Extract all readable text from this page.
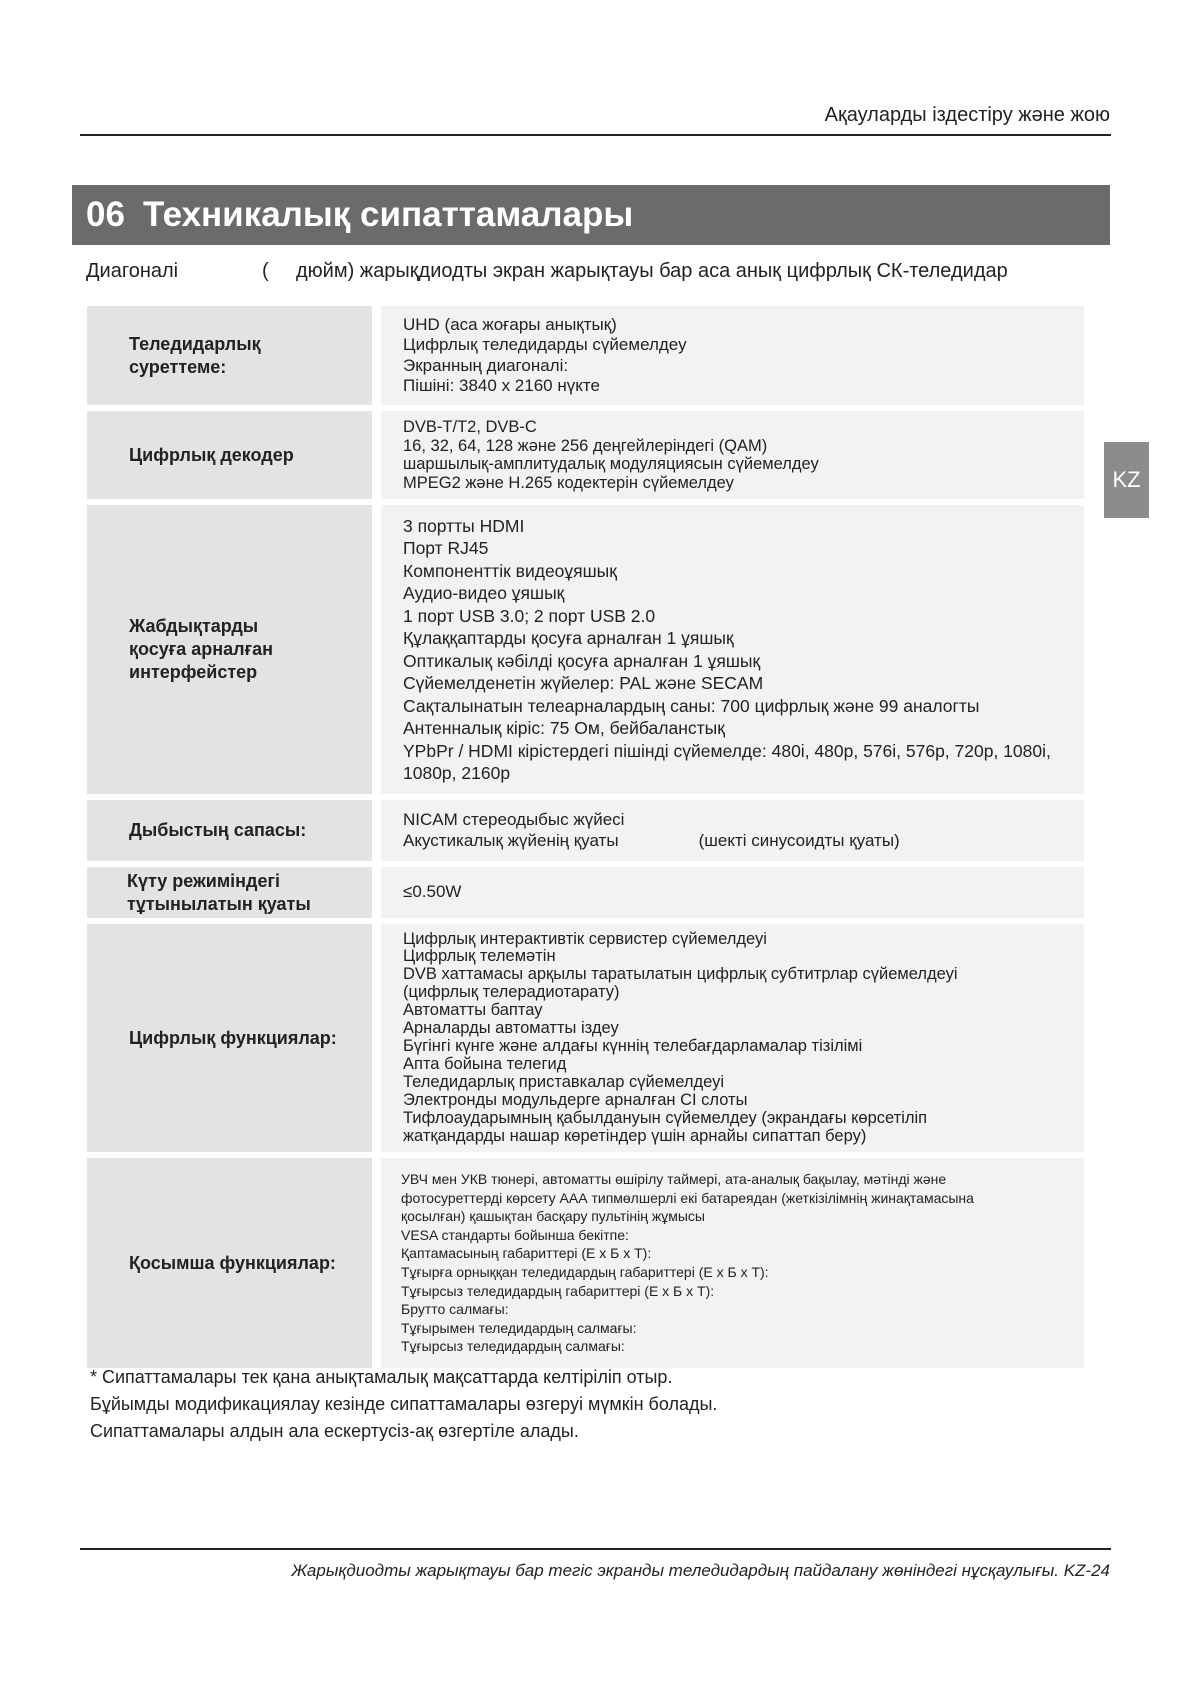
Ақауларды іздестіру және жою
06 Техникалық сипаттамалары
Диагоналі	( дюйм) жарықдиодты экран жарықтауы бар аса анық цифрлық СК-теледидар
KZ
Теледидарлық
суреттеме:
UHD (аса жоғары анықтық)
Цифрлық теледидарды сүйемелдеу
Экранның диагоналі:
Пішіні: 3840 x 2160 нүкте
Цифрлық декодер
DVB-T/T2, DVB-C
16, 32, 64, 128 және 256 деңгейлеріндегі (QAM)
шаршылық-амплитудалық модуляциясын сүйемелдеу
MPEG2 және H.265 кодектерін сүйемелдеу
Жабдықтарды
қосуға арналған
интерфейстер
3 портты HDMI
Порт RJ45
Компоненттік видеоұяшық
Аудио-видео ұяшық
1 порт USB 3.0; 2 порт USB 2.0
Құлаққаптарды қосуға арналған 1 ұяшық
Оптикалық кәбілді қосуға арналған 1 ұяшық
Сүйемелденетін жүйелер: PAL және SECAM
Сақталынатын телеарналардың саны: 700 цифрлық және 99 аналогты
Антенналық кіріс: 75 Ом, бейбаланстық
YPbPr / HDMI кірістердегі пішінді сүйемелде: 480i, 480p, 576i, 576p, 720p, 1080i, 1080p, 2160p
Дыбыстың сапасы:
NICAM стереодыбыс жүйесі
Акустикалық жүйенің қуаты	(шекті синусоидты қуаты)
Күту режиміндегі
тұтынылатын қуаты
≤0.50W
Цифрлық функциялар:
Цифрлық интерактивтік сервистер сүйемелдеуі
Цифрлық телемәтін
DVB хаттамасы арқылы таратылатын цифрлық субтитрлар сүйемелдеуі
(цифрлық телерадиотарату)
Автоматты баптау
Арналарды автоматты іздеу
Бүгінгі күнге және алдағы күннің телебағдарламалар тізілімі
Апта бойына телегид
Теледидарлық приставкалар сүйемелдеуі
Электронды модульдерге арналған CI слоты
Тифлоаударымның қабылдануын сүйемелдеу (экрандағы көрсетіліп
жатқандарды нашар көретіндер үшін арнайы сипаттап беру)
Қосымша функциялар:
УВЧ мен УКВ тюнері, автоматты өшірілу таймері, ата-аналық бақылау, мәтінді және
фотосуреттерді көрсету ААА типмөлшерлі екі батареядан (жеткізілімнің жинақтамасына
қосылған) қашықтан басқару пультінің жұмысы
VESA стандарты бойынша бекітпе:
Қаптамасының габариттері (Е х Б х Т):
Тұғырға орныққан теледидардың габариттері (Е х Б х Т):
Тұғырсыз теледидардың габариттері (Е х Б х Т):
Брутто салмағы:
Тұғырымен теледидардың салмағы:
Тұғырсыз теледидардың салмағы:
* Сипаттамалары тек қана анықтамалық мақсаттарда келтіріліп отыр.
Бұйымды модификациялау кезінде сипаттамалары өзгеруі мүмкін болады.
Сипаттамалары алдын ала ескертусіз-ақ өзгертіле алады.
Жарықдиодты жарықтауы бар тегіс экранды теледидардың пайдалану жөніндегі нұсқаулығы. KZ-24
